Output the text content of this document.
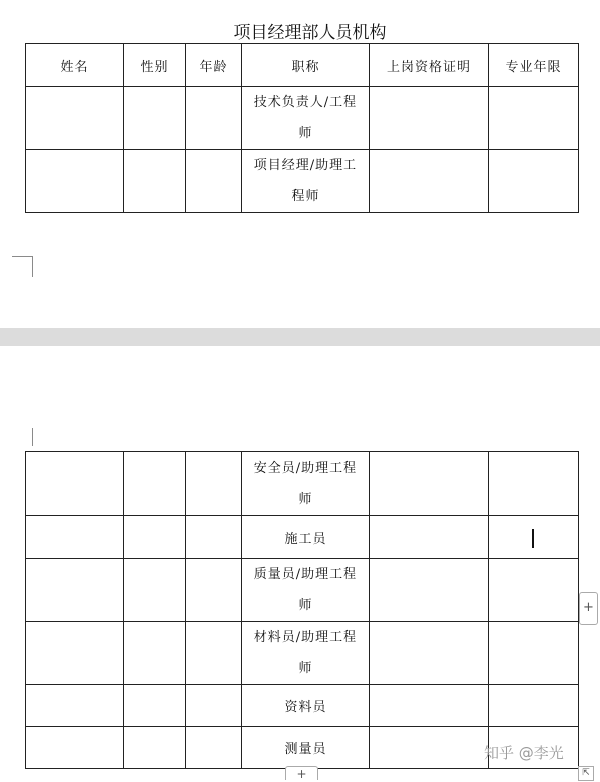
项目经理部人员机构
姓名	性别	年龄	职称	上岗资格证明	专业年限

			技术负责人/工程
师		

			项目经理/助理工
程师		

			安全员/助理工程
师		

			施工员		

			质量员/助理工程
师		

			材料员/助理工程
师		

			资料员		
			测量员		
+
+	⇱
知乎 @李光
